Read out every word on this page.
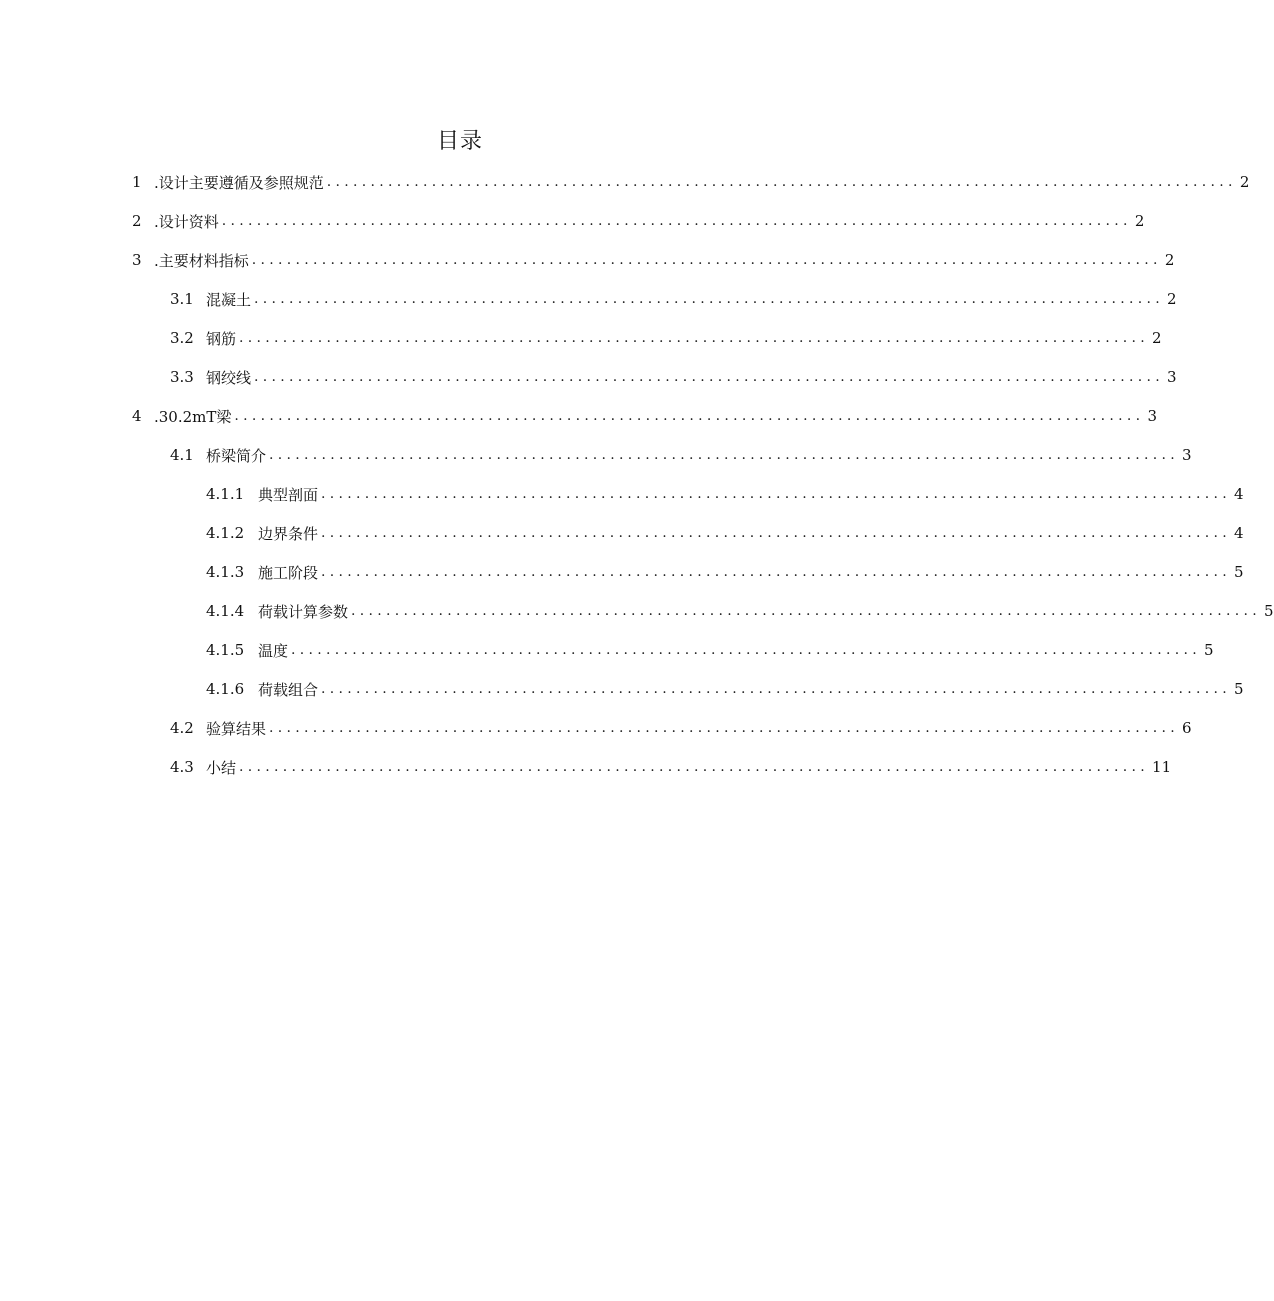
目录
1 .设计主要遵循及参照规范 ........................................................................................................ 2
2 .设计资料 ........................................................................................................ 2
3 .主要材料指标 ........................................................................................................ 2
3.1 混凝土 ........................................................................................................ 2
3.2 钢筋 ........................................................................................................ 2
3.3 钢绞线 ........................................................................................................ 3
4 .30.2mT梁 ........................................................................................................ 3
4.1 桥梁简介 ........................................................................................................ 3
4.1.1 典型剖面 ........................................................................................................ 4
4.1.2 边界条件 ........................................................................................................ 4
4.1.3 施工阶段 ........................................................................................................ 5
4.1.4 荷载计算参数 ........................................................................................................ 5
4.1.5 温度 ........................................................................................................ 5
4.1.6 荷载组合 ........................................................................................................ 5
4.2 验算结果 ........................................................................................................ 6
4.3 小结 ........................................................................................................ 11
